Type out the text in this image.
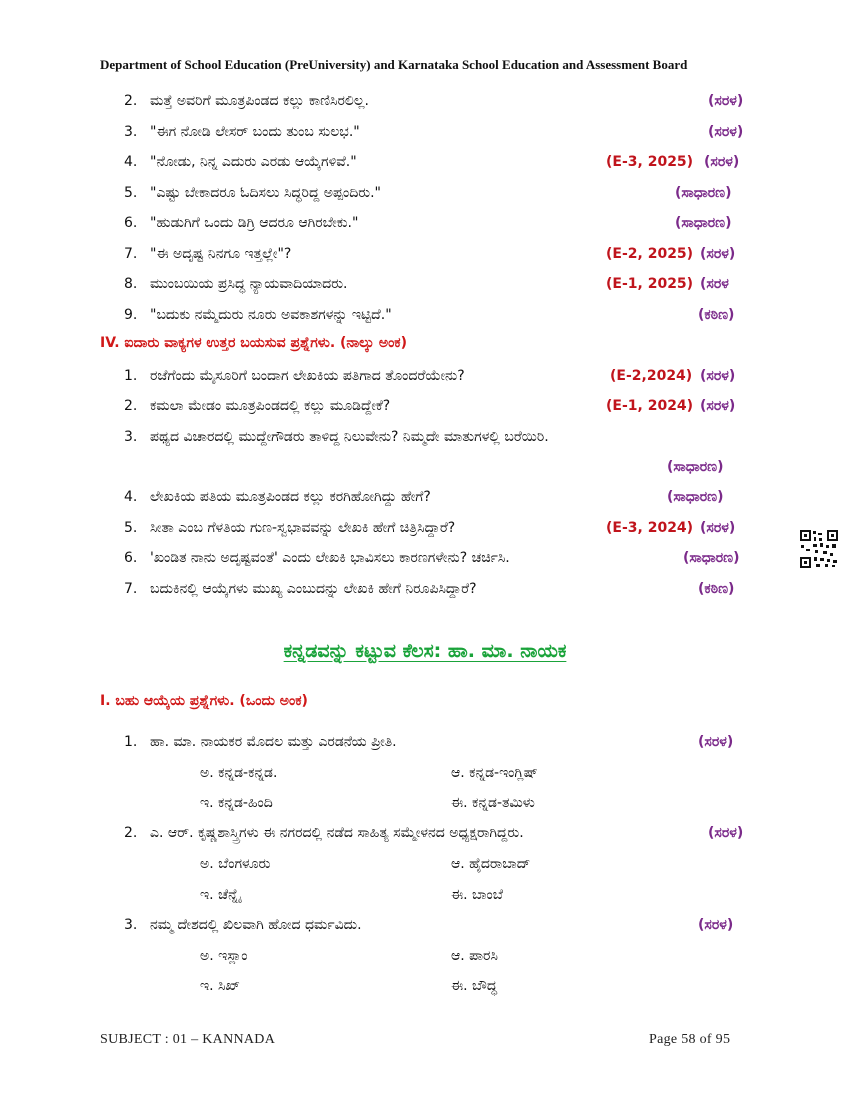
Department of School Education (PreUniversity) and Karnataka School Education and Assessment Board
2. ಮತ್ತೆ ಅವರಿಗೆ ಮೂತ್ರಪಿಂಡದ ಕಲ್ಲು ಕಾಣಿಸಿರಲಿಲ್ಲ.	(ಸರಳ)
3. "ಈಗ ನೋಡಿ ಲೇಸರ್ ಬಂದು ತುಂಬ ಸುಲಭ."	(ಸರಳ)
4. "ನೋಡು, ನಿನ್ನ ಎದುರು ಎರಡು ಆಯ್ಕೆಗಳಿವೆ."	(E-3, 2025) (ಸರಳ)
5. "ಎಷ್ಟು ಬೇಕಾದರೂ ಓದಿಸಲು ಸಿದ್ಧರಿದ್ದ ಅಪ್ಪಂದಿರು."	(ಸಾಧಾರಣ)
6. "ಹುಡುಗಿಗೆ ಒಂದು ಡಿಗ್ರಿ ಆದರೂ ಆಗಿರಬೇಕು."	(ಸಾಧಾರಣ)
7. "ಈ ಅದೃಷ್ಟ ನಿನಗೂ ಇತ್ತಲ್ಲೇ"?	(E-2, 2025) (ಸರಳ)
8. ಮುಂಬಯಿಯ ಪ್ರಸಿದ್ಧ ನ್ಯಾಯವಾದಿಯಾದರು.	(E-1, 2025) (ಸರಳ
9. "ಬದುಕು ನಮ್ಮೆದುರು ನೂರು ಅವಕಾಶಗಳನ್ನು ಇಟ್ಟಿದೆ."	(ಕಠಿಣ)
IV. ಐದಾರು ವಾಕ್ಯಗಳ ಉತ್ತರ ಬಯಸುವ ಪ್ರಶ್ನೆಗಳು. (ನಾಲ್ಕು ಅಂಕ)
1. ರಜೆಗೆಂದು ಮೈಸೂರಿಗೆ ಬಂದಾಗ ಲೇಖಕಿಯ ಪತಿಗಾದ ತೊಂದರೆಯೇನು?	(E-2,2024) (ಸರಳ)
2. ಕಮಲಾ ಮೇಡಂ ಮೂತ್ರಪಿಂಡದಲ್ಲಿ ಕಲ್ಲು ಮೂಡಿದ್ದೇಕೆ?	(E-1, 2024) (ಸರಳ)
3. ಪಥ್ಯದ ವಿಚಾರದಲ್ಲಿ ಮುದ್ದೇಗೌಡರು ತಾಳಿದ್ದ ನಿಲುವೇನು? ನಿಮ್ಮದೇ ಮಾತುಗಳಲ್ಲಿ ಬರೆಯಿರಿ.
(ಸಾಧಾರಣ)
4. ಲೇಖಕಿಯ ಪತಿಯ ಮೂತ್ರಪಿಂಡದ ಕಲ್ಲು ಕರಗಿಹೋಗಿದ್ದು ಹೇಗೆ?	(ಸಾಧಾರಣ)
5. ಸೀತಾ ಎಂಬ ಗೆಳತಿಯ ಗುಣ-ಸ್ವಭಾವವನ್ನು ಲೇಖಕಿ ಹೇಗೆ ಚಿತ್ರಿಸಿದ್ದಾರೆ?	(E-3, 2024) (ಸರಳ)
6. 'ಖಂಡಿತ ನಾನು ಅದೃಷ್ಟವಂತೆ' ಎಂದು ಲೇಖಕಿ ಭಾವಿಸಲು ಕಾರಣಗಳೇನು? ಚರ್ಚಿಸಿ.	(ಸಾಧಾರಣ)
7. ಬದುಕಿನಲ್ಲಿ ಆಯ್ಕೆಗಳು ಮುಖ್ಯ ಎಂಬುದನ್ನು ಲೇಖಕಿ ಹೇಗೆ ನಿರೂಪಿಸಿದ್ದಾರೆ?	(ಕಠಿಣ)
ಕನ್ನಡವನ್ನು ಕಟ್ಟುವ ಕೆಲಸ: ಹಾ. ಮಾ. ನಾಯಕ
I. ಬಹು ಆಯ್ಕೆಯ ಪ್ರಶ್ನೆಗಳು. (ಒಂದು ಅಂಕ)
1. ಹಾ. ಮಾ. ನಾಯಕರ ಮೊದಲ ಮತ್ತು ಎರಡನೆಯ ಪ್ರೀತಿ.	(ಸರಳ)
ಅ. ಕನ್ನಡ-ಕನ್ನಡ.	ಆ. ಕನ್ನಡ-ಇಂಗ್ಲಿಷ್
ಇ. ಕನ್ನಡ-ಹಿಂದಿ	ಈ. ಕನ್ನಡ-ತಮಿಳು
2. ಎ. ಆರ್. ಕೃಷ್ಣಶಾಸ್ತ್ರಿಗಳು ಈ ನಗರದಲ್ಲಿ ನಡೆದ ಸಾಹಿತ್ಯ ಸಮ್ಮೇಳನದ ಅಧ್ಯಕ್ಷರಾಗಿದ್ದರು.	(ಸರಳ)
ಅ. ಬೆಂಗಳೂರು	ಆ. ಹೈದರಾಬಾದ್
ಇ. ಚೆನ್ನೈ	ಈ. ಬಾಂಬೆ
3. ನಮ್ಮ ದೇಶದಲ್ಲಿ ಖಿಲವಾಗಿ ಹೋದ ಧರ್ಮವಿದು.	(ಸರಳ)
ಅ. ಇಸ್ಲಾಂ	ಆ. ಪಾರಸಿ
ಇ. ಸಿಖ್	ಈ. ಬೌದ್ಧ
SUBJECT : 01 – KANNADA	Page 58 of 95
